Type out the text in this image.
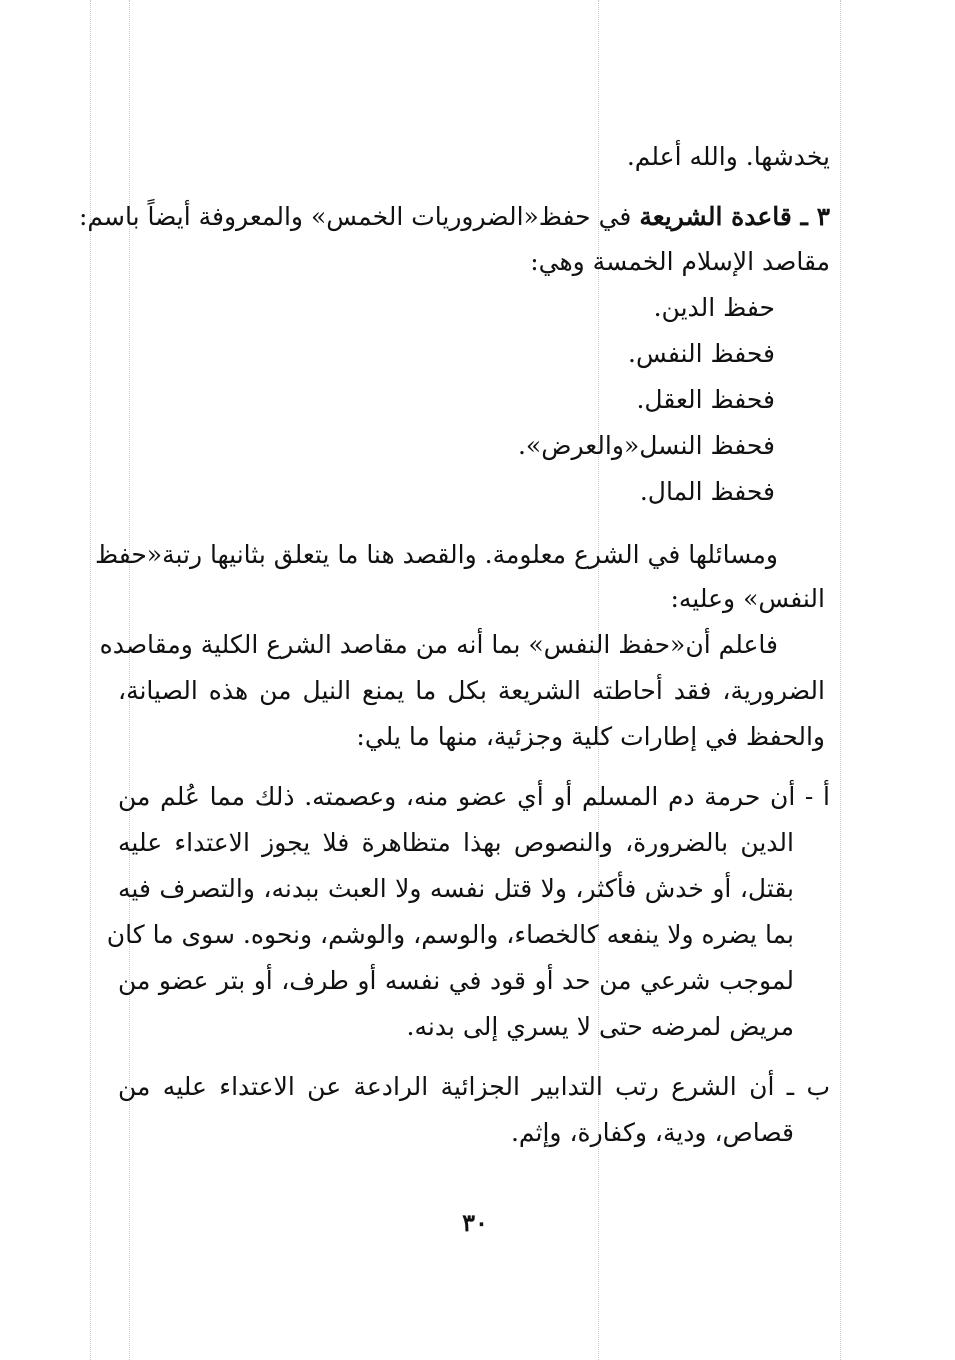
يخدشها. والله أعلم.
٣ ـ قاعدة الشريعة في حفظ«الضروريات الخمس» والمعروفة أيضاً باسم:
مقاصد الإسلام الخمسة وهي:
حفظ الدين.
فحفظ النفس.
فحفظ العقل.
فحفظ النسل«والعرض».
فحفظ المال.
ومسائلها في الشرع معلومة. والقصد هنا ما يتعلق بثانيها رتبة«حفظ
النفس» وعليه:
فاعلم أن«حفظ النفس» بما أنه من مقاصد الشرع الكلية ومقاصده
الضرورية، فقد أحاطته الشريعة بكل ما يمنع النيل من هذه الصيانة،
والحفظ في إطارات كلية وجزئية، منها ما يلي:
أ - أن حرمة دم المسلم أو أي عضو منه، وعصمته. ذلك مما عُلم من
الدين بالضرورة، والنصوص بهذا متظاهرة فلا يجوز الاعتداء عليه
بقتل، أو خدش فأكثر، ولا قتل نفسه ولا العبث ببدنه، والتصرف فيه
بما يضره ولا ينفعه كالخصاء، والوسم، والوشم، ونحوه. سوى ما كان
لموجب شرعي من حد أو قود في نفسه أو طرف، أو بتر عضو من
مريض لمرضه حتى لا يسري إلى بدنه.
ب ـ أن الشرع رتب التدابير الجزائية الرادعة عن الاعتداء عليه من
قصاص، ودية، وكفارة، وإثم.
٣٠
